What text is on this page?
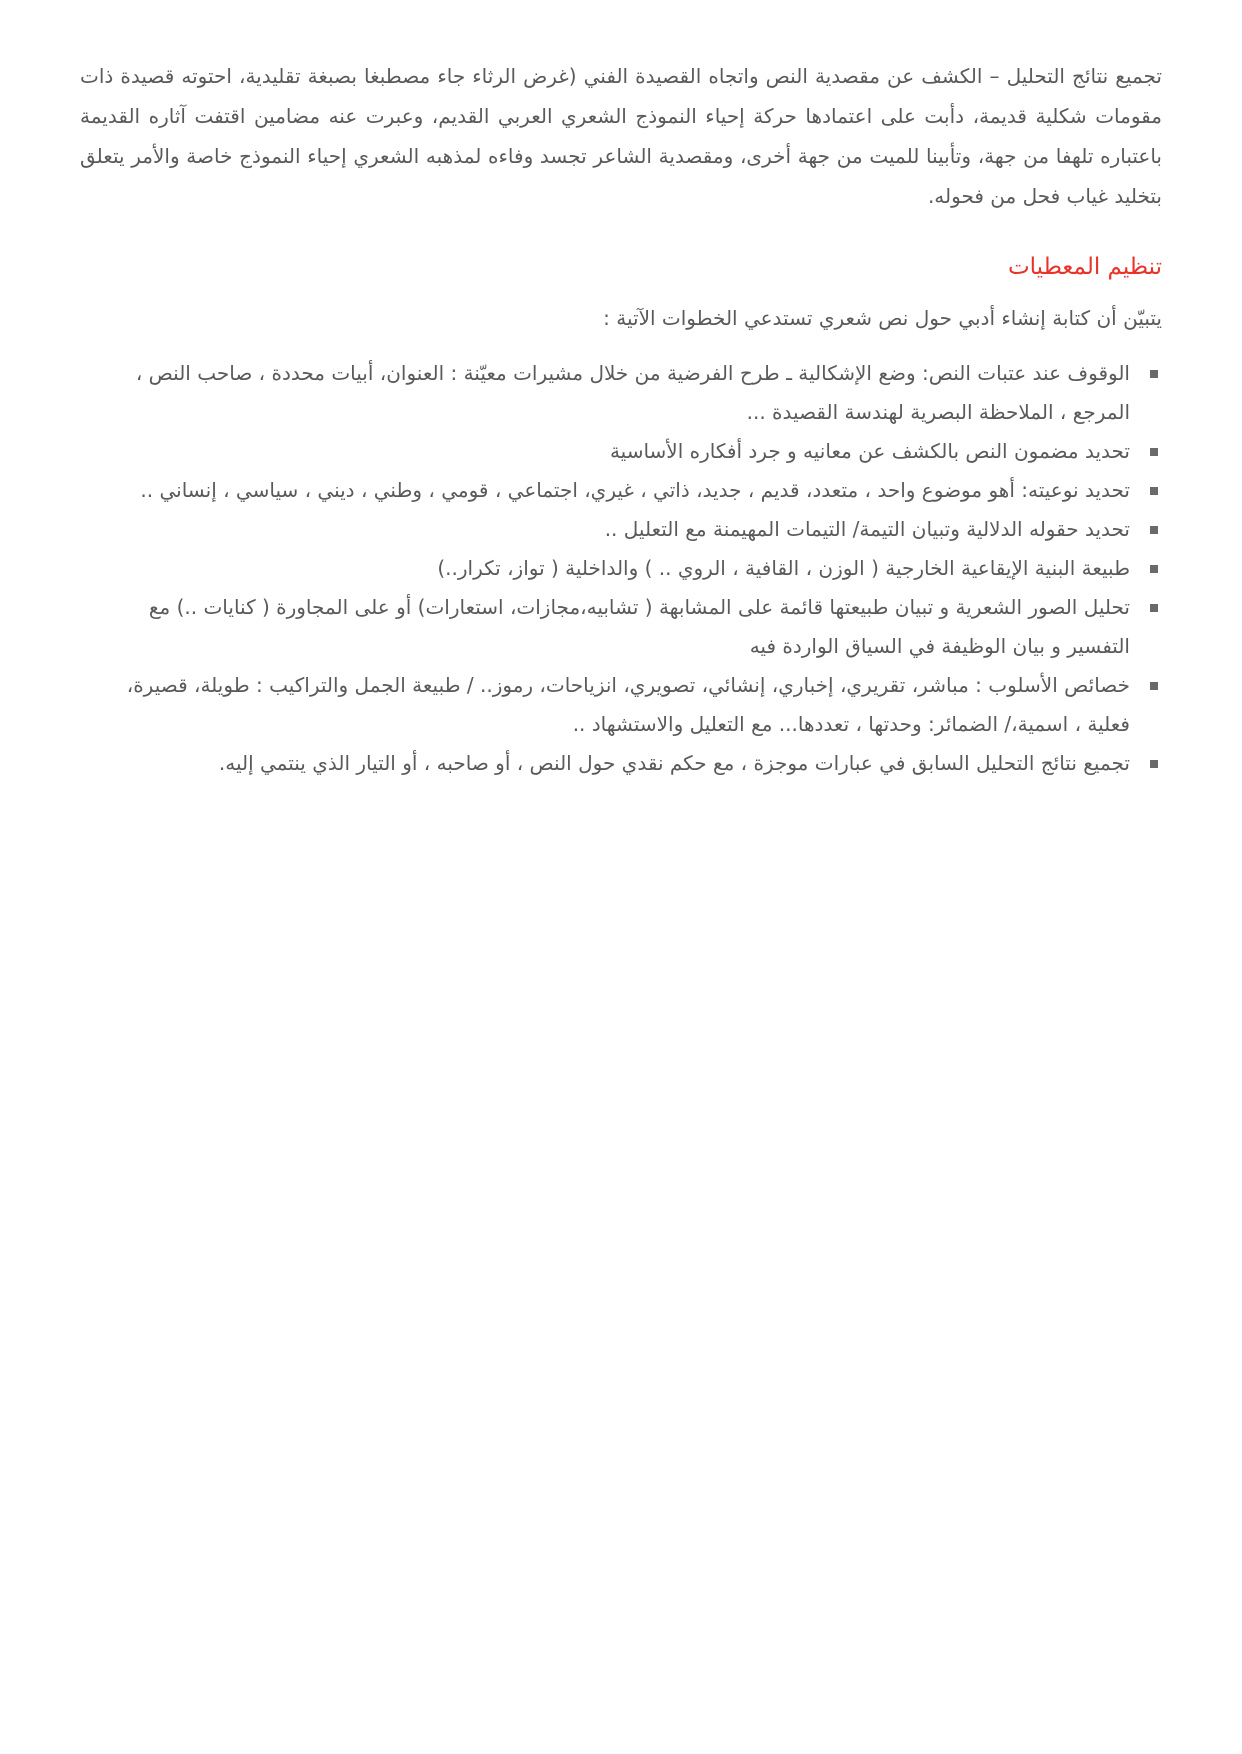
تجميع نتائج التحليل – الكشف عن مقصدية النص واتجاه القصيدة الفني (غرض الرثاء جاء مصطبغا بصبغة تقليدية، احتوته قصيدة ذات مقومات شكلية قديمة، دأبت على اعتمادها حركة إحياء النموذج الشعري العربي القديم، وعبرت عنه مضامين اقتفت آثاره القديمة باعتباره تلهفا من جهة، وتأبينا للميت من جهة أخرى، ومقصدية الشاعر تجسد وفاءه لمذهبه الشعري إحياء النموذج خاصة والأمر يتعلق بتخليد غياب فحل من فحوله.

تنظيم المعطيات

يتبيّن أن كتابة إنشاء أدبي حول نص شعري تستدعي الخطوات الآتية :

الوقوف عند عتبات النص: وضع الإشكالية ـ طرح الفرضية من خلال مشيرات معيّنة : العنوان، أبيات محددة ، صاحب النص ، المرجع ، الملاحظة البصرية لهندسة القصيدة ...
تحديد مضمون النص بالكشف عن معانيه و جرد أفكاره الأساسية
تحديد نوعيته: أهو موضوع واحد ، متعدد، قديم ، جديد، ذاتي ، غيري، اجتماعي ، قومي ، وطني ، ديني ، سياسي ، إنساني ..
تحديد حقوله الدلالية وتبيان التيمة/ التيمات المهيمنة مع التعليل ..
طبيعة البنية الإيقاعية الخارجية ( الوزن ، القافية ، الروي .. ) والداخلية ( تواز، تكرار..)
تحليل الصور الشعرية و تبيان طبيعتها قائمة على المشابهة ( تشابيه،مجازات، استعارات) أو على المجاورة ( كنايات ..) مع التفسير و بيان الوظيفة في السياق الواردة فيه
خصائص الأسلوب : مباشر، تقريري، إخباري، إنشائي، تصويري، انزياحات، رموز.. / طبيعة الجمل والتراكيب : طويلة، قصيرة، فعلية ، اسمية،/ الضمائر: وحدتها ، تعددها... مع التعليل والاستشهاد ..
تجميع نتائج التحليل السابق في عبارات موجزة ، مع حكم نقدي حول النص ، أو صاحبه ، أو التيار الذي ينتمي إليه.
